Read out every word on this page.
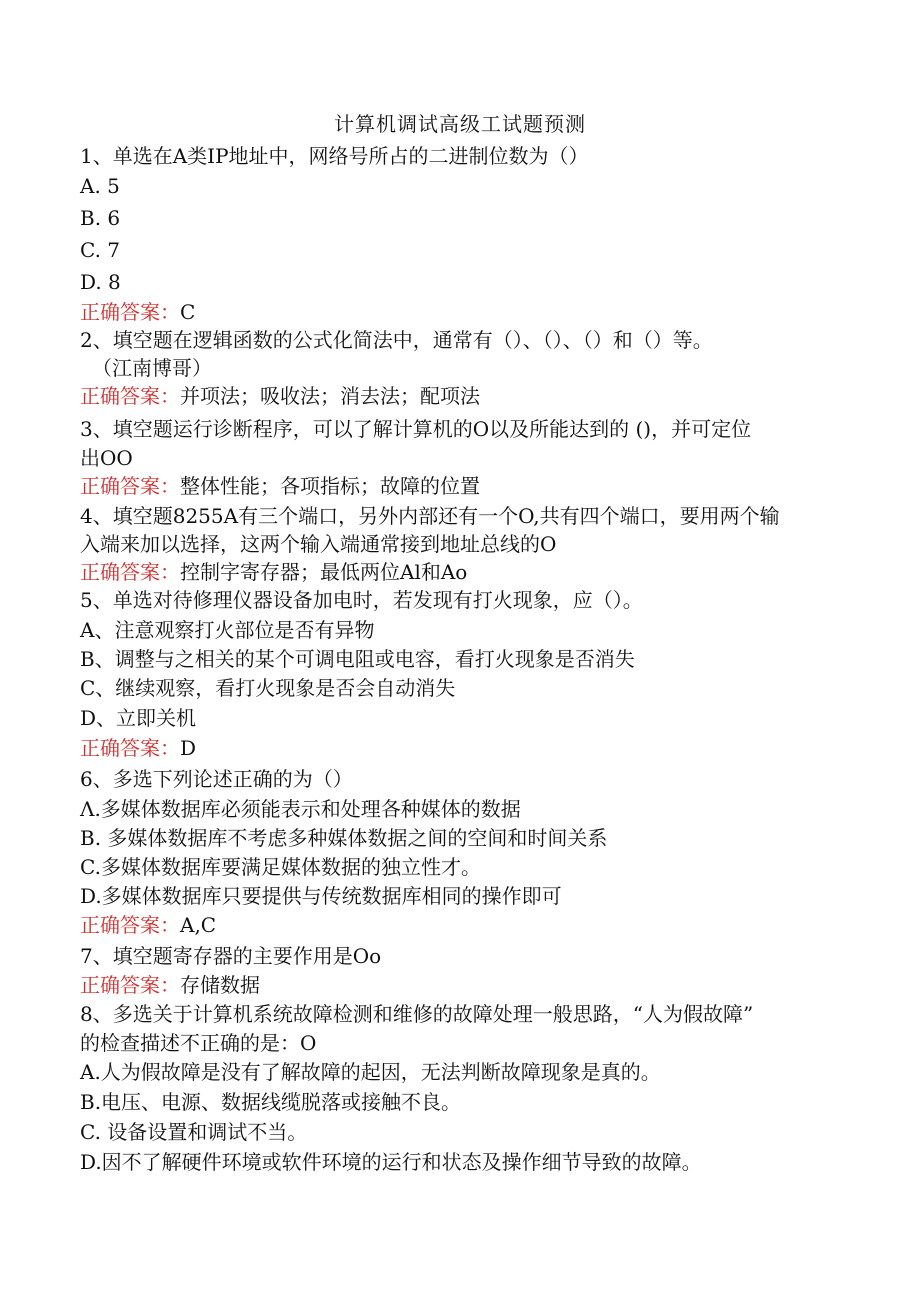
计算机调试高级工试题预测
1、单选在A类IP地址中，网络号所占的二进制位数为（）
A. 5
B. 6
C. 7
D. 8
正确答案：C
2、填空题在逻辑函数的公式化简法中，通常有（）、（）、（）和（）等。
（江南博哥）
正确答案：并项法；吸收法；消去法；配项法
3、填空题运行诊断程序，可以了解计算机的O以及所能达到的 ()，并可定位
出OO
正确答案：整体性能；各项指标；故障的位置
4、填空题8255A有三个端口，另外内部还有一个O,共有四个端口，要用两个输
入端来加以选择，这两个输入端通常接到地址总线的O
正确答案：控制字寄存器；最低两位Al和Ao
5、单选对待修理仪器设备加电时，若发现有打火现象，应（）。
A、注意观察打火部位是否有异物
B、调整与之相关的某个可调电阻或电容，看打火现象是否消失
C、继续观察，看打火现象是否会自动消失
D、立即关机
正确答案：D
6、多选下列论述正确的为（）
Λ.多媒体数据库必须能表示和处理各种媒体的数据
B. 多媒体数据库不考虑多种媒体数据之间的空间和时间关系
C.多媒体数据库要满足媒体数据的独立性才。
D.多媒体数据库只要提供与传统数据库相同的操作即可
正确答案：A,C
7、填空题寄存器的主要作用是Oo
正确答案：存储数据
8、多选关于计算机系统故障检测和维修的故障处理一般思路，“人为假故障”
的检查描述不正确的是：O
A.人为假故障是没有了解故障的起因，无法判断故障现象是真的。
B.电压、电源、数据线缆脱落或接触不良。
C. 设备设置和调试不当。
D.因不了解硬件环境或软件环境的运行和状态及操作细节导致的故障。
